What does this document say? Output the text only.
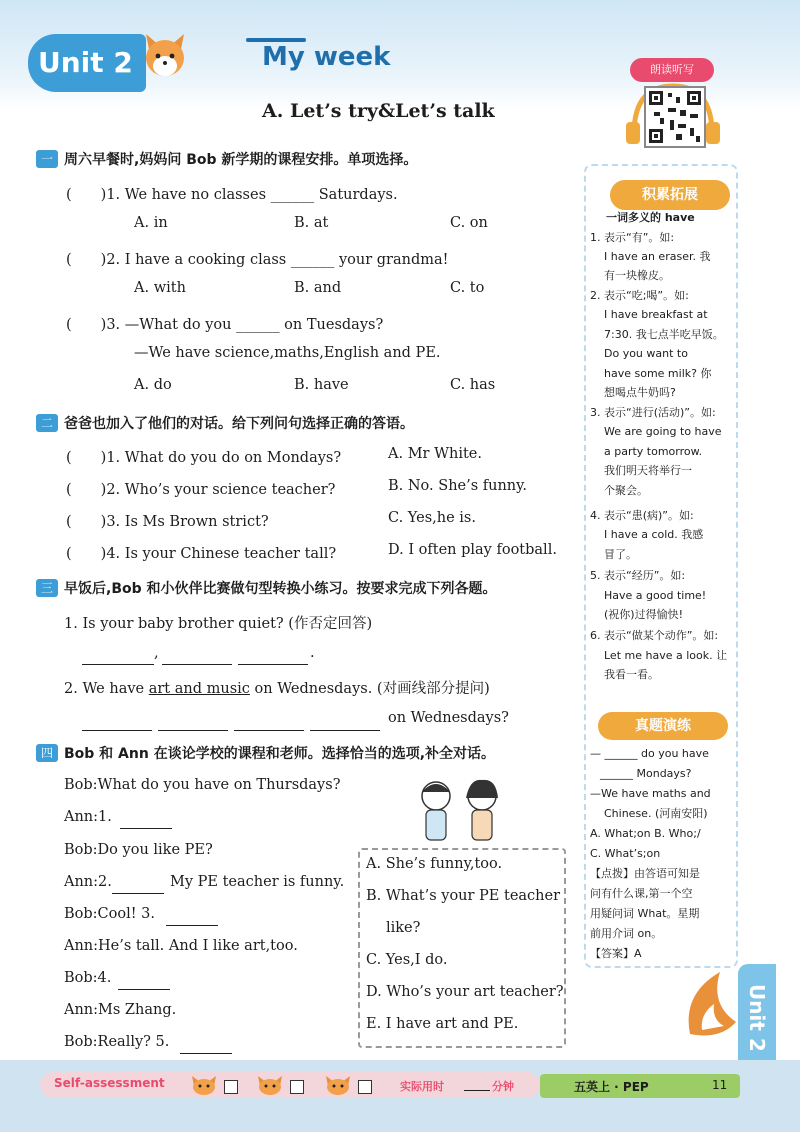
Unit 2	My week	朗读听写
A. Let’s try&Let’s talk
一 周六早餐时,妈妈问 Bob 新学期的课程安排。单项选择。
(　　)1. We have no classes ______ Saturdays.
A. in	B. at	C. on
(　　)2. I have a cooking class ______ your grandma!
A. with	B. and	C. to
(　　)3. —What do you ______ on Tuesdays?
—We have science,maths,English and PE.
A. do	B. have	C. has
二 爸爸也加入了他们的对话。给下列问句选择正确的答语。
(　　)1. What do you do on Mondays?	A. Mr White.
(　　)2. Who’s your science teacher?	B. No. She’s funny.
(　　)3. Is Ms Brown strict?	C. Yes,he is.
(　　)4. Is your Chinese teacher tall?	D. I often play football.
三 早饭后,Bob 和小伙伴比赛做句型转换小练习。按要求完成下列各题。
1. Is your baby brother quiet? (作否定回答)
,	.
2. We have art and music on Wednesdays. (对画线部分提问)
on Wednesdays?
四 Bob 和 Ann 在谈论学校的课程和老师。选择恰当的选项,补全对话。
Bob:What do you have on Thursdays?
Ann:1.
Bob:Do you like PE?
Ann:2.	My PE teacher is funny.
Bob:Cool! 3.
Ann:He’s tall. And I like art,too.
Bob:4.
Ann:Ms Zhang.
Bob:Really? 5.
A. She’s funny,too.
B. What’s your PE teacher
like?
C. Yes,I do.
D. Who’s your art teacher?
E. I have art and PE.
积累拓展
一词多义的 have
1. 表示“有”。如:
I have an eraser. 我
有一块橡皮。
2. 表示“吃;喝”。如:
I have breakfast at
7:30. 我七点半吃早饭。
Do you want to
have some milk? 你
想喝点牛奶吗?
3. 表示“进行(活动)”。如:
We are going to have
a party tomorrow.
我们明天将举行一
个聚会。
4. 表示“患(病)”。如:
I have a cold. 我感
冒了。
5. 表示“经历”。如:
Have a good time!
(祝你)过得愉快!
6. 表示“做某个动作”。如:
Let me have a look. 让
我看一看。
真题演练
— ______ do you have
______ Mondays?
—We have maths and
Chinese. (河南安阳)
A. What;on B. Who;/
C. What’s;on
【点拨】由答语可知是
问有什么课,第一个空
用疑问词 What。星期
前用介词 on。
【答案】A
Unit 2
Self-assessment	实际用时	分钟	五英上 · PEP	11
